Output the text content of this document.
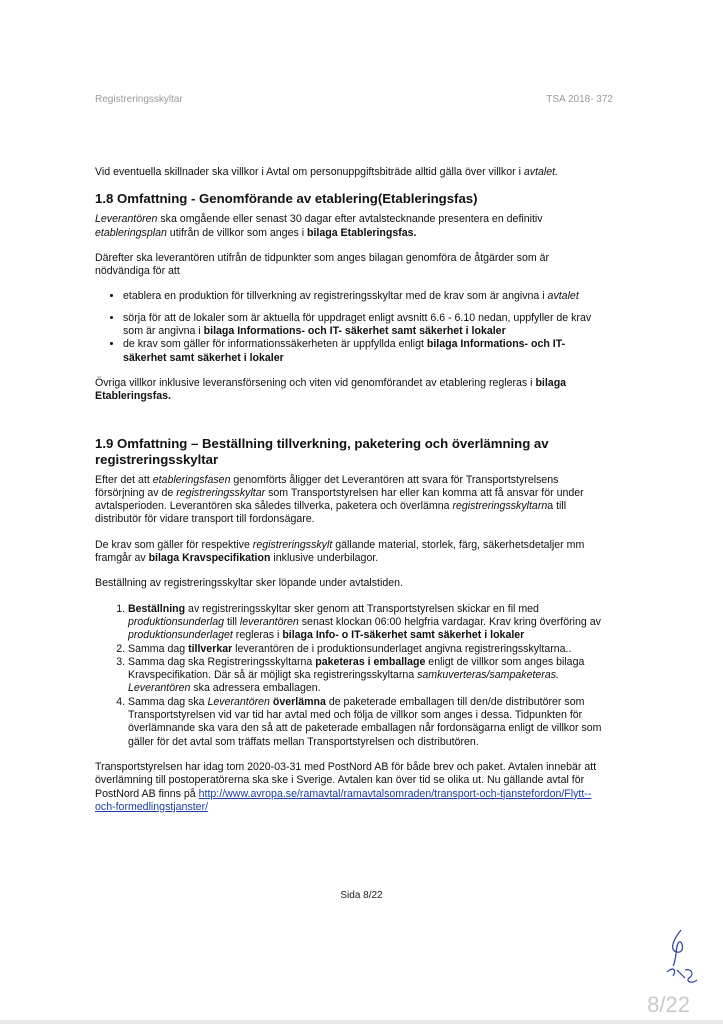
Registreringsskyltar	TSA 2018- 372

Vid eventuella skillnader ska villkor i Avtal om personuppgiftsbiträde alltid gälla över villkor i avtalet.

1.8 Omfattning - Genomförande av etablering(Etableringsfas)

Leverantören ska omgående eller senast 30 dagar efter avtalstecknande presentera en definitiv etableringsplan utifrån de villkor som anges i bilaga Etableringsfas.

Därefter ska leverantören utifrån de tidpunkter som anges bilagan genomföra de åtgärder som är nödvändiga för att

• etablera en produktion för tillverkning av registreringsskyltar med de krav som är angivna i avtalet
• sörja för att de lokaler som är aktuella för uppdraget enligt avsnitt 6.6 - 6.10 nedan, uppfyller de krav som är angivna i bilaga Informations- och IT- säkerhet samt säkerhet i lokaler
• de krav som gäller för informationssäkerheten är uppfyllda enligt bilaga Informations- och IT- säkerhet samt säkerhet i lokaler

Övriga villkor inklusive leveransförsening och viten vid genomförandet av etablering regleras i bilaga Etableringsfas.

1.9 Omfattning – Beställning tillverkning, paketering och överlämning av registreringsskyltar

Efter det att etableringsfasen genomförts åligger det Leverantören att svara för Transportstyrelsens försörjning av de registreringsskyltar som Transportstyrelsen har eller kan komma att få ansvar för under avtalsperioden. Leverantören ska således tillverka, paketera och överlämna registreringsskyltarna till distributör för vidare transport till fordonsägare.

De krav som gäller för respektive registreringsskylt gällande material, storlek, färg, säkerhetsdetaljer mm framgår av bilaga Kravspecifikation inklusive underbilagor.

Beställning av registreringsskyltar sker löpande under avtalstiden.

1. Beställning av registreringsskyltar sker genom att Transportstyrelsen skickar en fil med produktionsunderlag till leverantören senast klockan 06:00 helgfria vardagar. Krav kring överföring av produktionsunderlaget regleras i bilaga Info- o IT-säkerhet samt säkerhet i lokaler
2. Samma dag tillverkar leverantören de i produktionsunderlaget angivna registreringsskyltarna..
3. Samma dag ska Registreringsskyltarna paketeras i emballage enligt de villkor som anges bilaga Kravspecifikation. Där så är möjligt ska registreringsskyltarna samkuverteras/sampaketeras. Leverantören ska adressera emballagen.
4. Samma dag ska Leverantören överlämna de paketerade emballagen till den/de distributörer som Transportstyrelsen vid var tid har avtal med och följa de villkor som anges i dessa. Tidpunkten för överlämnande ska vara den så att de paketerade emballagen når fordonsägarna enligt de villkor som gäller för det avtal som träffats mellan Transportstyrelsen och distributören.

Transportstyrelsen har idag tom 2020-03-31 med PostNord AB för både brev och paket. Avtalen innebär att överlämning till postoperatörerna ska ske i Sverige. Avtalen kan över tid se olika ut. Nu gällande avtal för PostNord AB finns på http://www.avropa.se/ramavtal/ramavtalsomraden/transport-och-tjanstefordon/Flytt--och-formedlingstjanster/

Sida 8/22
8/22
